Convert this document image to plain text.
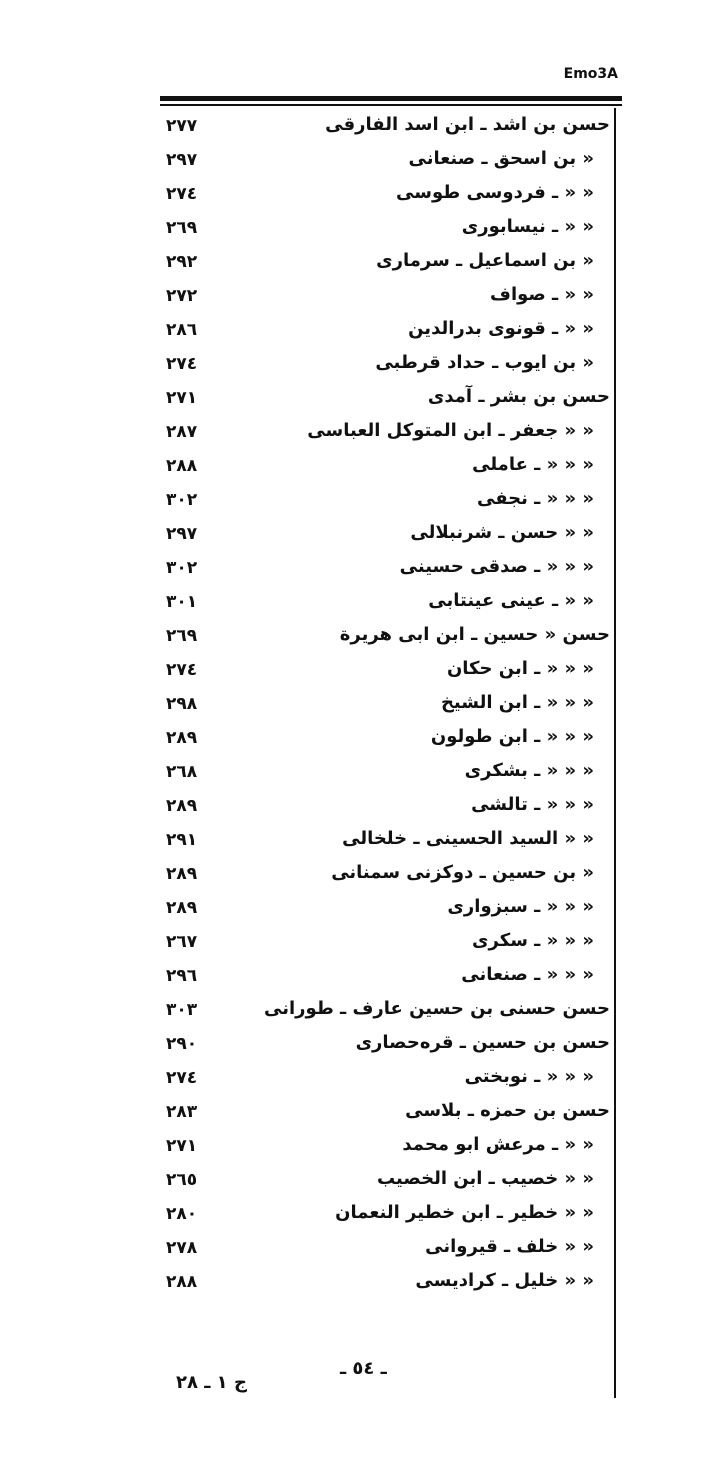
Emo3A
٢٧٧	حسن بن اشد ـ ابن اسد الفارقی
٢٩٧	« بن اسحق ـ صنعانی
٢٧٤	« « ـ فردوسی طوسی
٢٦٩	« « ـ نیسابوری
٢٩٢	« بن اسماعیل ـ سرماری
٢٧٢	« « ـ صواف
٢٨٦	« « ـ قونوی بدرالدین
٢٧٤	« بن ایوب ـ حداد قرطبی
٢٧١	حسن بن بشر ـ آمدی
٢٨٧	« « جعفر ـ ابن المتوكل العباسی
٢٨٨	« « « ـ عاملی
٣٠٢	« « « ـ نجفی
٢٩٧	« « حسن ـ شرنبلالی
٣٠٢	« « « ـ صدقی حسینی
٣٠١	« « ـ عینی عینتابی
٢٦٩	حسن « حسین ـ ابن ابی هریرة
٢٧٤	« « « ـ ابن حكان
٢٩٨	« « « ـ ابن الشیخ
٢٨٩	« « « ـ ابن طولون
٢٦٨	« « « ـ بشكری
٢٨٩	« « « ـ تالشی
٢٩١	« « السید الحسینی ـ خلخالی
٢٨٩	« بن حسین ـ دوكزنی سمنانی
٢٨٩	« « « ـ سبزواری
٢٦٧	« « « ـ سكری
٢٩٦	« « « ـ صنعانی
٣٠٣	حسن حسنی بن حسین عارف ـ طورانی
٢٩٠	حسن بن حسین ـ قره‌حصاری
٢٧٤	« « « ـ نوبختی
٢٨٣	حسن بن حمزه ـ بلاسی
٢٧١	« « ـ مرعش ابو محمد
٢٦٥	« « خصیب ـ ابن الخصیب
٢٨٠	« « خطیر ـ ابن خطیر النعمان
٢٧٨	« « خلف ـ قیروانی
٢٨٨	« « خلیل ـ كرادیسی
ـ ٥٤ ـ
ج ١ ـ ٢٨
